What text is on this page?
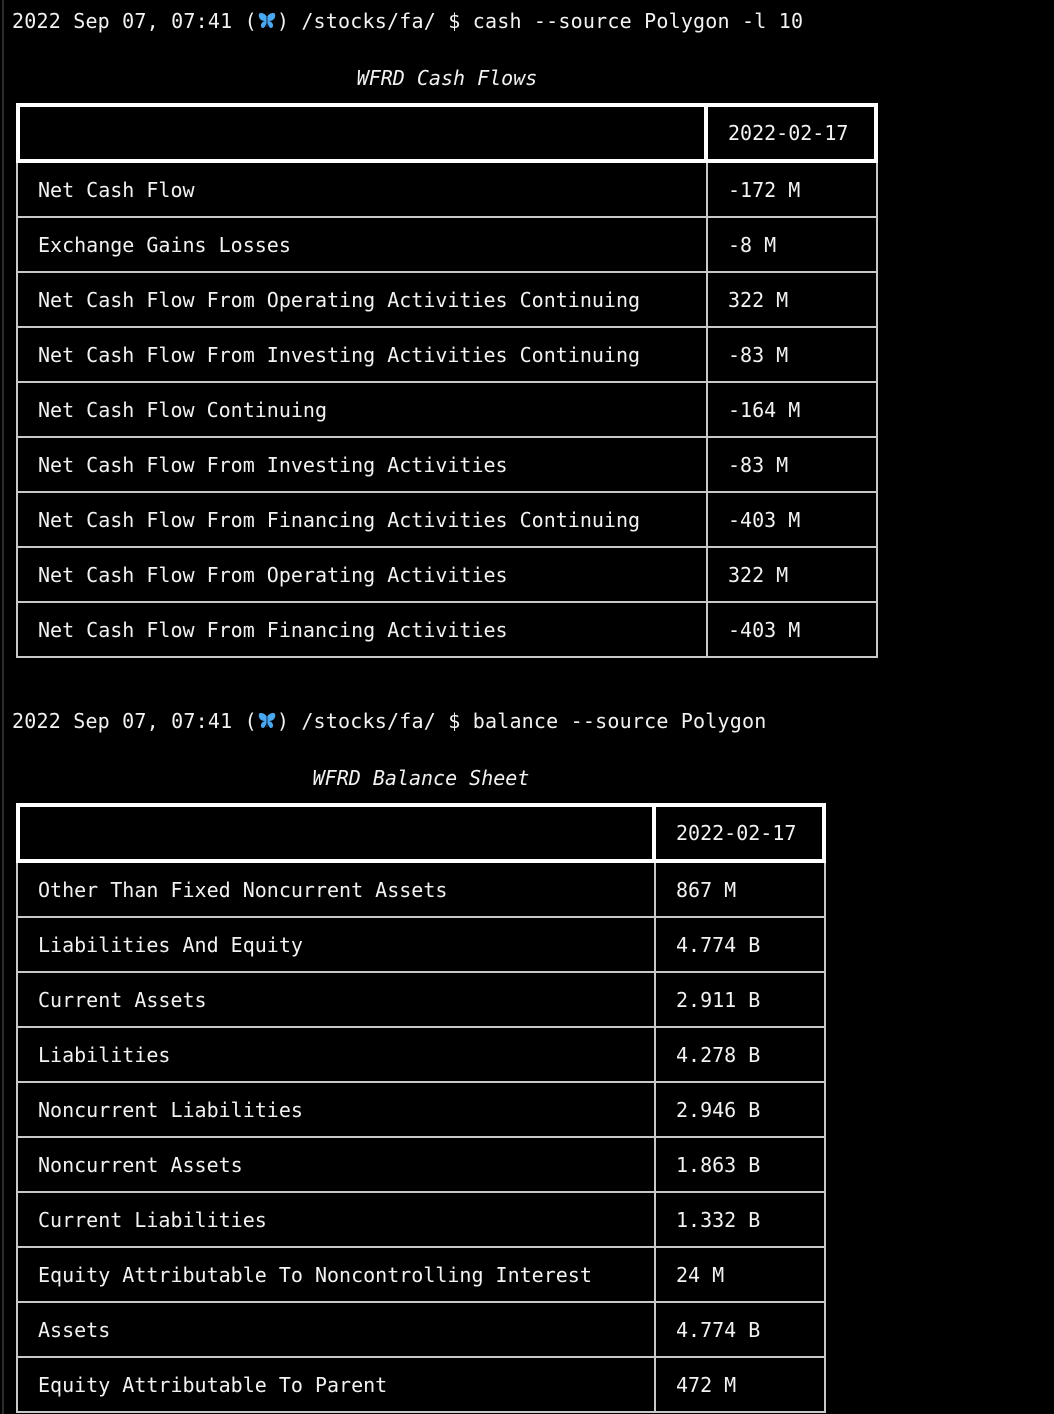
2022 Sep 07, 07:41 ( ) /stocks/fa/ $ cash --source Polygon -l 10
WFRD Cash Flows
	2022-02-17
Net Cash Flow	-172 M
Exchange Gains Losses	-8 M
Net Cash Flow From Operating Activities Continuing	322 M
Net Cash Flow From Investing Activities Continuing	-83 M
Net Cash Flow Continuing	-164 M
Net Cash Flow From Investing Activities	-83 M
Net Cash Flow From Financing Activities Continuing	-403 M
Net Cash Flow From Operating Activities	322 M
Net Cash Flow From Financing Activities	-403 M
2022 Sep 07, 07:41 ( ) /stocks/fa/ $ balance --source Polygon
WFRD Balance Sheet
	2022-02-17
Other Than Fixed Noncurrent Assets	867 M
Liabilities And Equity	4.774 B
Current Assets	2.911 B
Liabilities	4.278 B
Noncurrent Liabilities	2.946 B
Noncurrent Assets	1.863 B
Current Liabilities	1.332 B
Equity Attributable To Noncontrolling Interest	24 M
Assets	4.774 B
Equity Attributable To Parent	472 M
